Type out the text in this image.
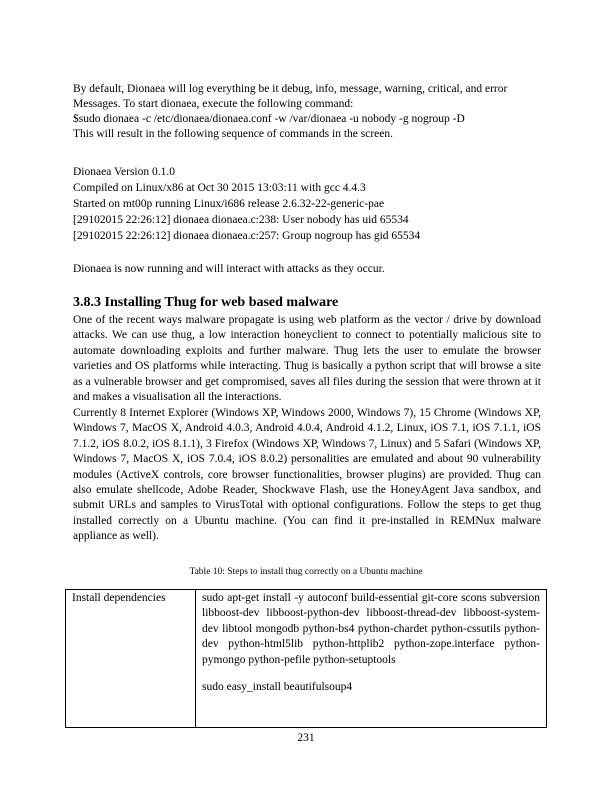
By default, Dionaea will log everything be it debug, info, message, warning, critical, and error
Messages. To start dionaea, execute the following command:
$sudo dionaea -c /etc/dionaea/dionaea.conf -w /var/dionaea -u nobody -g nogroup -D
This will result in the following sequence of commands in the screen.
Dionaea Version 0.1.0
Compiled on Linux/x86 at Oct 30 2015 13:03:11 with gcc 4.4.3
Started on mt00p running Linux/i686 release 2.6.32-22-generic-pae
[29102015 22:26:12] dionaea dionaea.c:238: User nobody has uid 65534
[29102015 22:26:12] dionaea dionaea.c:257: Group nogroup has gid 65534
Dionaea is now running and will interact with attacks as they occur.
3.8.3 Installing Thug for web based malware
One of the recent ways malware propagate is using web platform as the vector / drive by download attacks. We can use thug, a low interaction honeyclient to connect to potentially malicious site to automate downloading exploits and further malware. Thug lets the user to emulate the browser varieties and OS platforms while interacting. Thug is basically a python script that will browse a site as a vulnerable browser and get compromised, saves all files during the session that were thrown at it and makes a visualisation all the interactions.
Currently 8 Internet Explorer (Windows XP, Windows 2000, Windows 7), 15 Chrome (Windows XP, Windows 7, MacOS X, Android 4.0.3, Android 4.0.4, Android 4.1.2, Linux, iOS 7.1, iOS 7.1.1, iOS 7.1.2, iOS 8.0.2, iOS 8.1.1), 3 Firefox (Windows XP, Windows 7, Linux) and 5 Safari (Windows XP, Windows 7, MacOS X, iOS 7.0.4, iOS 8.0.2) personalities are emulated and about 90 vulnerability modules (ActiveX controls, core browser functionalities, browser plugins) are provided. Thug can also emulate shellcode, Adobe Reader, Shockwave Flash, use the HoneyAgent Java sandbox, and submit URLs and samples to VirusTotal with optional configurations. Follow the steps to get thug installed correctly on a Ubuntu machine. (You can find it pre-installed in REMNux malware appliance as well).
Table 10: Steps to install thug correctly on a Ubuntu machine
Install dependencies	sudo apt-get install -y autoconf build-essential git-core scons subversion libboost-dev libboost-python-dev libboost-thread-dev libboost-system-dev libtool mongodb python-bs4 python-chardet python-cssutils python-dev python-html5lib python-httplib2 python-zope.interface python-pymongo python-pefile python-setuptools
sudo easy_install beautifulsoup4
231
